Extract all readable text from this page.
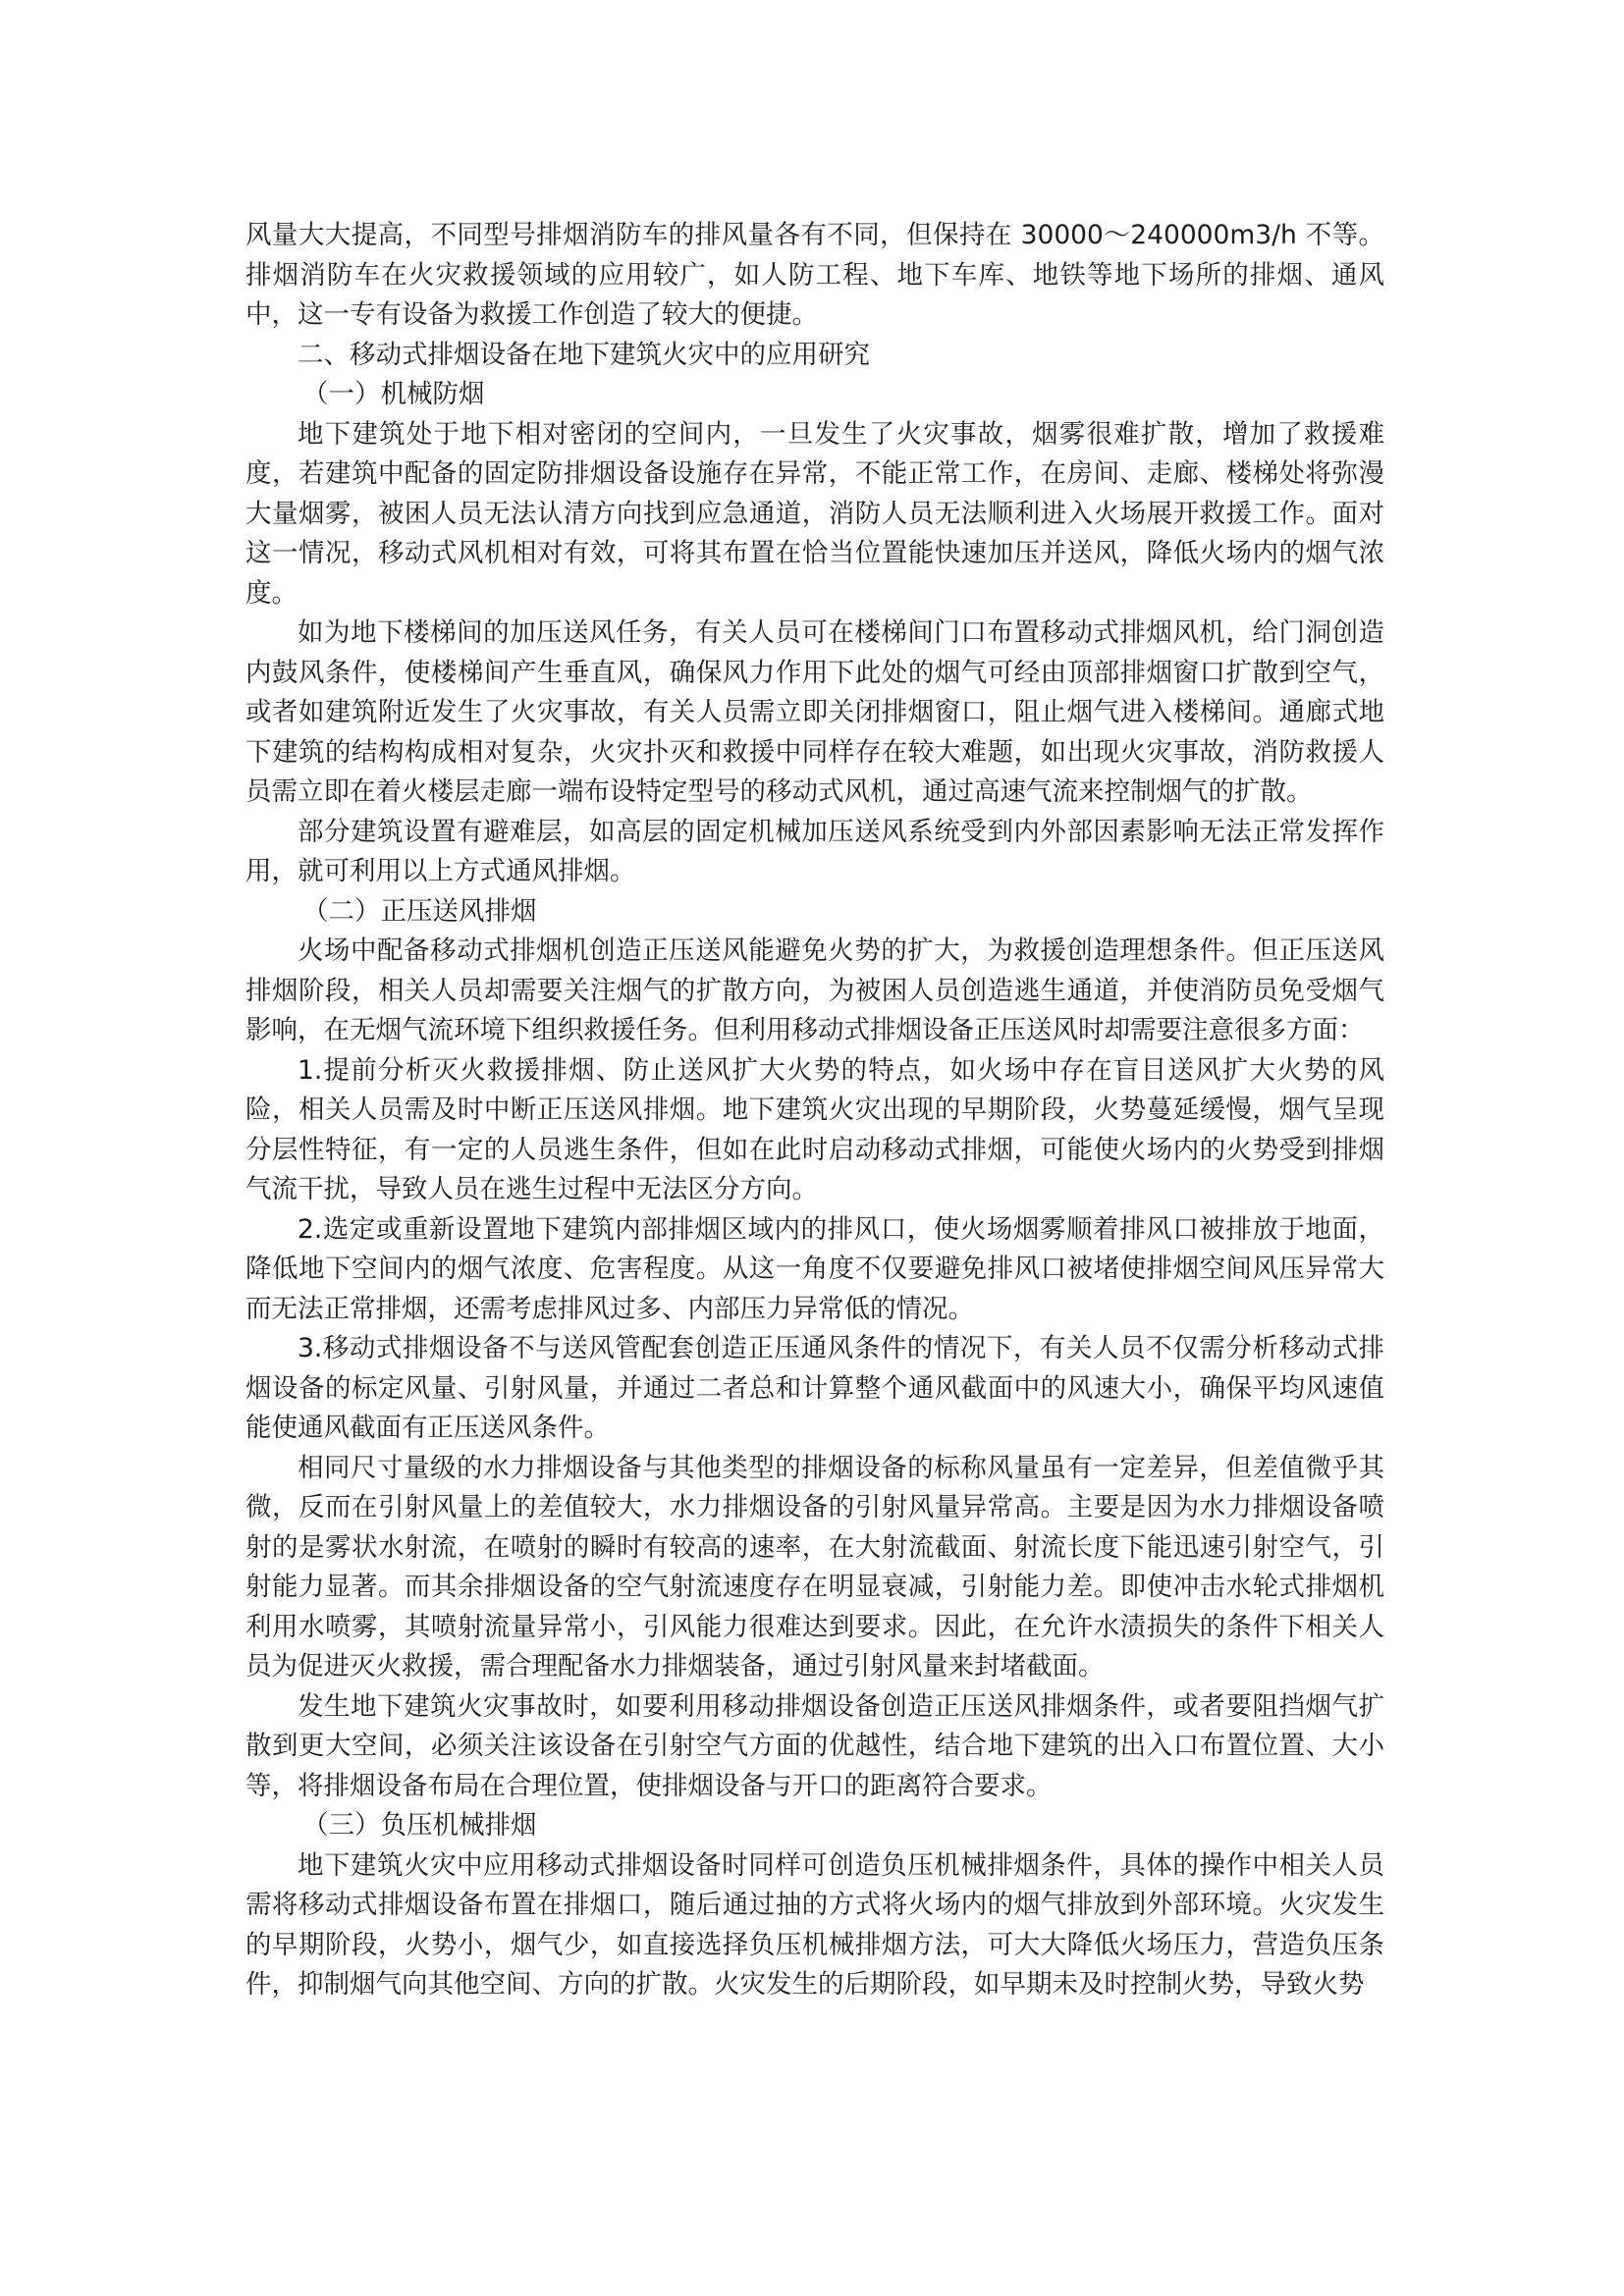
风量大大提高，不同型号排烟消防车的排风量各有不同，但保持在 30000～240000m3/h 不等。排烟消防车在火灾救援领域的应用较广，如人防工程、地下车库、地铁等地下场所的排烟、通风中，这一专有设备为救援工作创造了较大的便捷。

二、移动式排烟设备在地下建筑火灾中的应用研究

（一）机械防烟

地下建筑处于地下相对密闭的空间内，一旦发生了火灾事故，烟雾很难扩散，增加了救援难度，若建筑中配备的固定防排烟设备设施存在异常，不能正常工作，在房间、走廊、楼梯处将弥漫大量烟雾，被困人员无法认清方向找到应急通道，消防人员无法顺利进入火场展开救援工作。面对这一情况，移动式风机相对有效，可将其布置在恰当位置能快速加压并送风，降低火场内的烟气浓度。

如为地下楼梯间的加压送风任务，有关人员可在楼梯间门口布置移动式排烟风机，给门洞创造内鼓风条件，使楼梯间产生垂直风，确保风力作用下此处的烟气可经由顶部排烟窗口扩散到空气，或者如建筑附近发生了火灾事故，有关人员需立即关闭排烟窗口，阻止烟气进入楼梯间。通廊式地下建筑的结构构成相对复杂，火灾扑灭和救援中同样存在较大难题，如出现火灾事故，消防救援人员需立即在着火楼层走廊一端布设特定型号的移动式风机，通过高速气流来控制烟气的扩散。

部分建筑设置有避难层，如高层的固定机械加压送风系统受到内外部因素影响无法正常发挥作用，就可利用以上方式通风排烟。

（二）正压送风排烟

火场中配备移动式排烟机创造正压送风能避免火势的扩大，为救援创造理想条件。但正压送风排烟阶段，相关人员却需要关注烟气的扩散方向，为被困人员创造逃生通道，并使消防员免受烟气影响，在无烟气流环境下组织救援任务。但利用移动式排烟设备正压送风时却需要注意很多方面：

1.提前分析灭火救援排烟、防止送风扩大火势的特点，如火场中存在盲目送风扩大火势的风险，相关人员需及时中断正压送风排烟。地下建筑火灾出现的早期阶段，火势蔓延缓慢，烟气呈现分层性特征，有一定的人员逃生条件，但如在此时启动移动式排烟，可能使火场内的火势受到排烟气流干扰，导致人员在逃生过程中无法区分方向。

2.选定或重新设置地下建筑内部排烟区域内的排风口，使火场烟雾顺着排风口被排放于地面，降低地下空间内的烟气浓度、危害程度。从这一角度不仅要避免排风口被堵使排烟空间风压异常大而无法正常排烟，还需考虑排风过多、内部压力异常低的情况。

3.移动式排烟设备不与送风管配套创造正压通风条件的情况下，有关人员不仅需分析移动式排烟设备的标定风量、引射风量，并通过二者总和计算整个通风截面中的风速大小，确保平均风速值能使通风截面有正压送风条件。

相同尺寸量级的水力排烟设备与其他类型的排烟设备的标称风量虽有一定差异，但差值微乎其微，反而在引射风量上的差值较大，水力排烟设备的引射风量异常高。主要是因为水力排烟设备喷射的是雾状水射流，在喷射的瞬时有较高的速率，在大射流截面、射流长度下能迅速引射空气，引射能力显著。而其余排烟设备的空气射流速度存在明显衰减，引射能力差。即使冲击水轮式排烟机利用水喷雾，其喷射流量异常小，引风能力很难达到要求。因此，在允许水渍损失的条件下相关人员为促进灭火救援，需合理配备水力排烟装备，通过引射风量来封堵截面。

发生地下建筑火灾事故时，如要利用移动排烟设备创造正压送风排烟条件，或者要阻挡烟气扩散到更大空间，必须关注该设备在引射空气方面的优越性，结合地下建筑的出入口布置位置、大小等，将排烟设备布局在合理位置，使排烟设备与开口的距离符合要求。

（三）负压机械排烟

地下建筑火灾中应用移动式排烟设备时同样可创造负压机械排烟条件，具体的操作中相关人员需将移动式排烟设备布置在排烟口，随后通过抽的方式将火场内的烟气排放到外部环境。火灾发生的早期阶段，火势小，烟气少，如直接选择负压机械排烟方法，可大大降低火场压力，营造负压条件，抑制烟气向其他空间、方向的扩散。火灾发生的后期阶段，如早期未及时控制火势，导致火势
